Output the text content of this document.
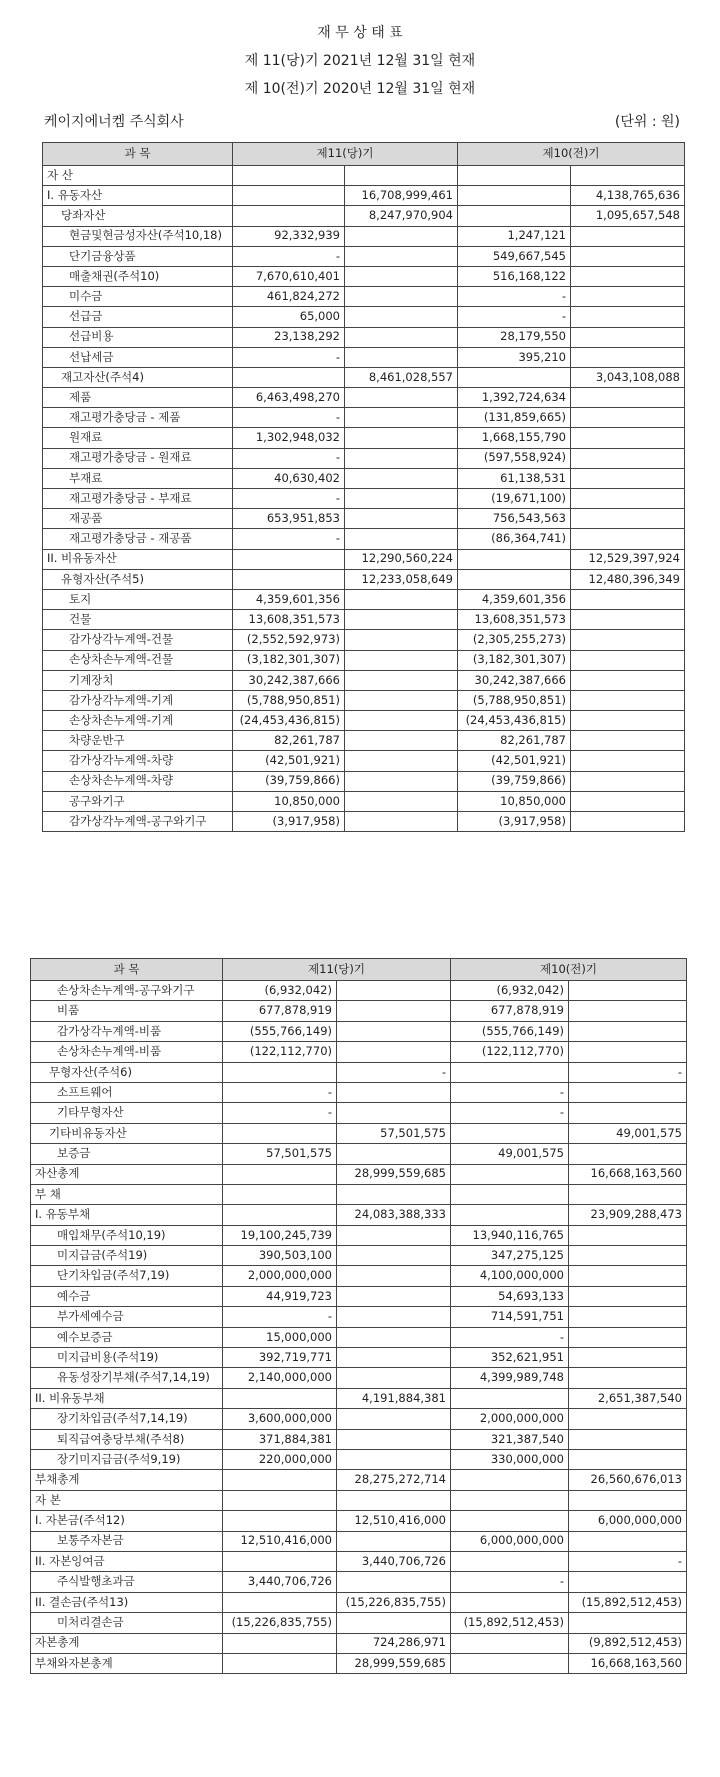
재 무 상 태 표
제 11(당)기 2021년 12월 31일 현재
제 10(전)기 2020년 12월 31일 현재
케이지에너켐 주식회사	(단위 : 원)
과 목	제11(당)기		제10(전)기	
자 산				
I. 유동자산		16,708,999,461		4,138,765,636
당좌자산		8,247,970,904		1,095,657,548
현금및현금성자산(주석10,18)	92,332,939		1,247,121	
단기금융상품	-		549,667,545	
매출채권(주석10)	7,670,610,401		516,168,122	
미수금	461,824,272		-	
선급금	65,000		-	
선급비용	23,138,292		28,179,550	
선납세금	-		395,210	
재고자산(주석4)		8,461,028,557		3,043,108,088
제품	6,463,498,270		1,392,724,634	
재고평가충당금 - 제품	-		(131,859,665)	
원재료	1,302,948,032		1,668,155,790	
재고평가충당금 - 원재료	-		(597,558,924)	
부재료	40,630,402		61,138,531	
재고평가충당금 - 부재료	-		(19,671,100)	
재공품	653,951,853		756,543,563	
재고평가충당금 - 재공품	-		(86,364,741)	
II. 비유동자산		12,290,560,224		12,529,397,924
유형자산(주석5)		12,233,058,649		12,480,396,349
토지	4,359,601,356		4,359,601,356	
건물	13,608,351,573		13,608,351,573	
감가상각누계액-건물	(2,552,592,973)		(2,305,255,273)	
손상차손누계액-건물	(3,182,301,307)		(3,182,301,307)	
기계장치	30,242,387,666		30,242,387,666	
감가상각누계액-기계	(5,788,950,851)		(5,788,950,851)	
손상차손누계액-기계	(24,453,436,815)		(24,453,436,815)	
차량운반구	82,261,787		82,261,787	
감가상각누계액-차량	(42,501,921)		(42,501,921)	
손상차손누계액-차량	(39,759,866)		(39,759,866)	
공구와기구	10,850,000		10,850,000	
감가상각누계액-공구와기구	(3,917,958)		(3,917,958)	
과 목	제11(당)기		제10(전)기	
손상차손누계액-공구와기구	(6,932,042)		(6,932,042)	
비품	677,878,919		677,878,919	
감가상각누계액-비품	(555,766,149)		(555,766,149)	
손상차손누계액-비품	(122,112,770)		(122,112,770)	
무형자산(주석6)		-		-
소프트웨어	-		-	
기타무형자산	-		-	
기타비유동자산		57,501,575		49,001,575
보증금	57,501,575		49,001,575	
자산총계		28,999,559,685		16,668,163,560
부 채				
I. 유동부채		24,083,388,333		23,909,288,473
매입채무(주석10,19)	19,100,245,739		13,940,116,765	
미지급금(주석19)	390,503,100		347,275,125	
단기차입금(주석7,19)	2,000,000,000		4,100,000,000	
예수금	44,919,723		54,693,133	
부가세예수금	-		714,591,751	
예수보증금	15,000,000		-	
미지급비용(주석19)	392,719,771		352,621,951	
유동성장기부채(주석7,14,19)	2,140,000,000		4,399,989,748	
II. 비유동부채		4,191,884,381		2,651,387,540
장기차입금(주석7,14,19)	3,600,000,000		2,000,000,000	
퇴직급여충당부채(주석8)	371,884,381		321,387,540	
장기미지급금(주석9,19)	220,000,000		330,000,000	
부채총계		28,275,272,714		26,560,676,013
자 본				
I. 자본금(주석12)		12,510,416,000		6,000,000,000
보통주자본금	12,510,416,000		6,000,000,000	
II. 자본잉여금		3,440,706,726		-
주식발행초과금	3,440,706,726		-	
II. 결손금(주석13)		(15,226,835,755)		(15,892,512,453)
미처리결손금	(15,226,835,755)		(15,892,512,453)	
자본총계		724,286,971		(9,892,512,453)
부채와자본총계		28,999,559,685		16,668,163,560
